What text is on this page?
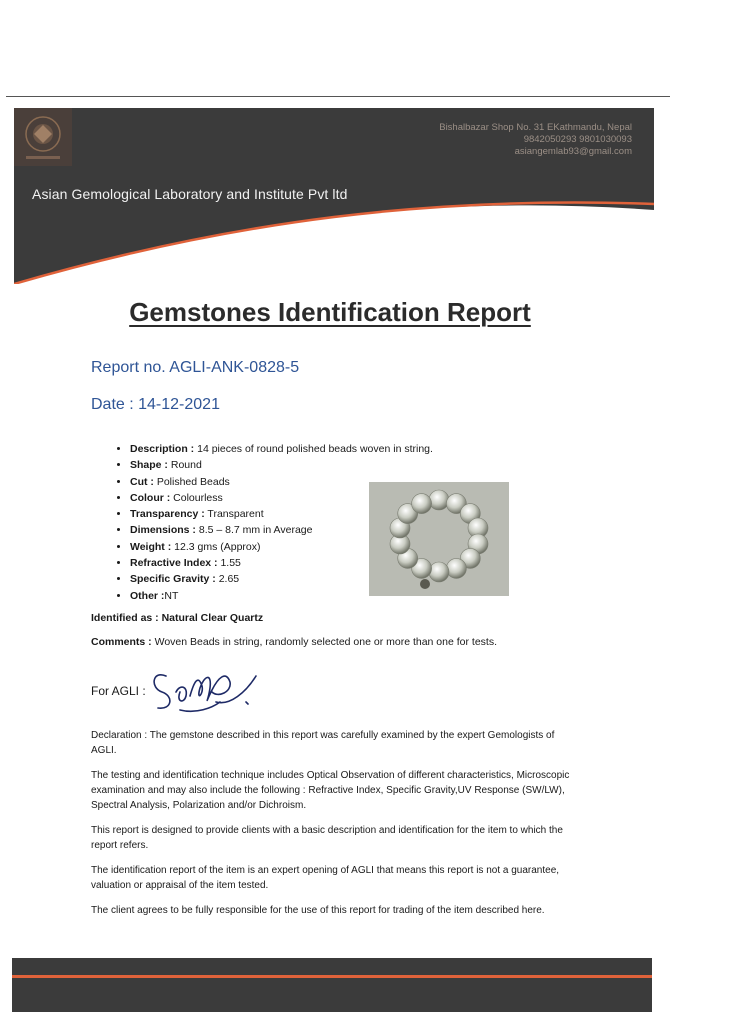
Bishalbazar Shop No. 31 EKathmandu, Nepal
9842050293 9801030093
asiangemlab93@gmail.com
Asian Gemological Laboratory and Institute Pvt ltd
Gemstones Identification Report
Report no. AGLI-ANK-0828-5
Date : 14-12-2021
• Description : 14 pieces of round polished beads woven in string.
• Shape : Round
• Cut : Polished Beads
• Colour : Colourless
• Transparency : Transparent
• Dimensions : 8.5 – 8.7 mm in Average
• Weight : 12.3 gms (Approx)
• Refractive Index : 1.55
• Specific Gravity : 2.65
• Other :NT
Identified as : Natural Clear Quartz
Comments : Woven Beads in string, randomly selected one or more than one for tests.
For AGLI :
Declaration : The gemstone described in this report was carefully examined by the expert Gemologists of AGLI.
The testing and identification technique includes Optical Observation of different characteristics, Microscopic examination and may also include the following : Refractive Index, Specific Gravity,UV Response (SW/LW), Spectral Analysis, Polarization and/or Dichroism.
This report is designed to provide clients with a basic description and identification for the item to which the report refers.
The identification report of the item is an expert opening of AGLI that means this report is not a guarantee, valuation or appraisal of the item tested.
The client agrees to be fully responsible for the use of this report for trading of the item described here.
